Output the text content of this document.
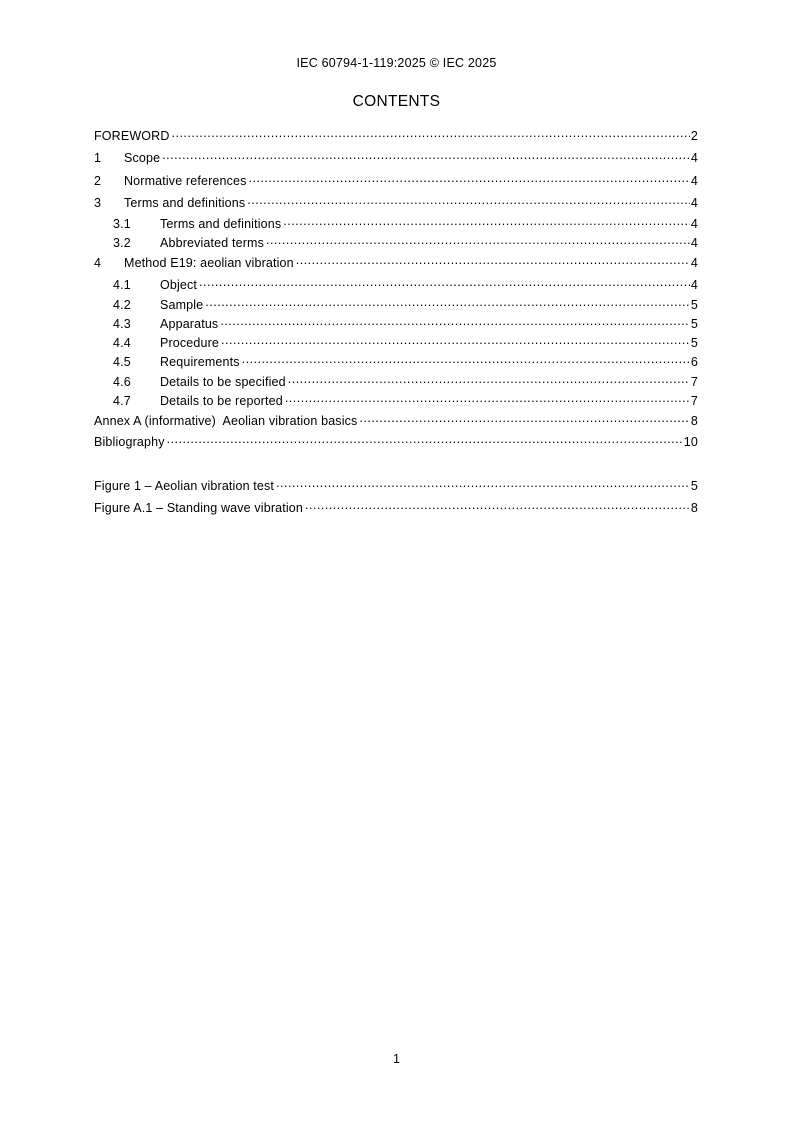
IEC 60794-1-119:2025 © IEC 2025
CONTENTS
FOREWORD .....	2
1	Scope .....	4
2	Normative references .....	4
3	Terms and definitions .....	4
3.1	Terms and definitions .....	4
3.2	Abbreviated terms .....	4
4	Method E19: aeolian vibration .....	4
4.1	Object .....	4
4.2	Sample .....	5
4.3	Apparatus .....	5
4.4	Procedure .....	5
4.5	Requirements .....	6
4.6	Details to be specified .....	7
4.7	Details to be reported .....	7
Annex A (informative)  Aeolian vibration basics .....	8
Bibliography .....	10
Figure 1 – Aeolian vibration test .....	5
Figure A.1 – Standing wave vibration .....	8
1
